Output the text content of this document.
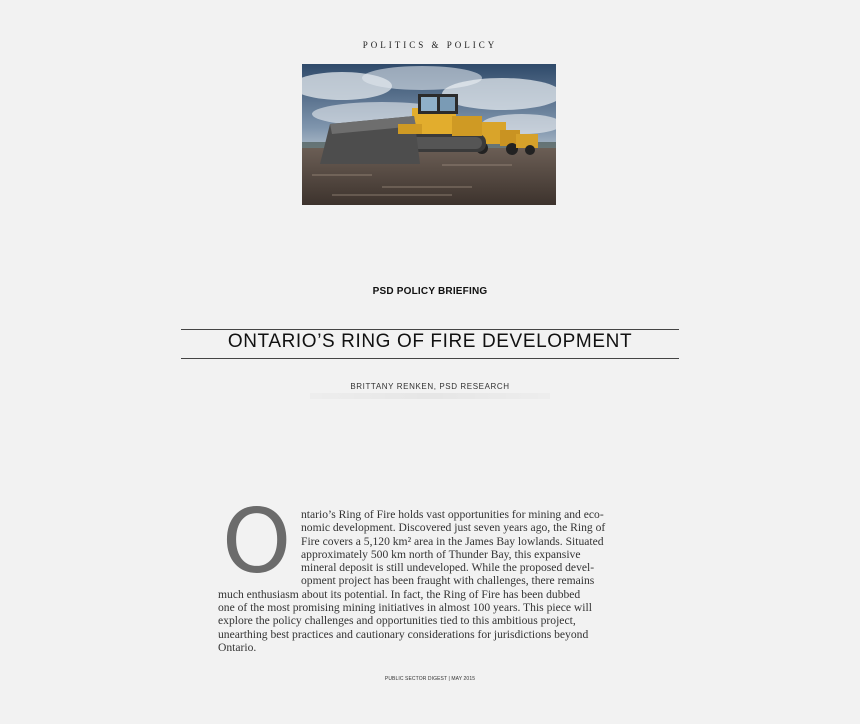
POLITICS & POLICY
PSD POLICY BRIEFING
ONTARIO’S RING OF FIRE DEVELOPMENT
BRITTANY RENKEN, PSD RESEARCH
O ntario’s Ring of Fire holds vast opportunities for mining and eco-
nomic development. Discovered just seven years ago, the Ring of
Fire covers a 5,120 km² area in the James Bay lowlands. Situated
approximately 500 km north of Thunder Bay, this expansive
mineral deposit is still undeveloped. While the proposed devel-
opment project has been fraught with challenges, there remains
much enthusiasm about its potential. In fact, the Ring of Fire has been dubbed
one of the most promising mining initiatives in almost 100 years. This piece will
explore the policy challenges and opportunities tied to this ambitious project,
unearthing best practices and cautionary considerations for jurisdictions beyond
Ontario.
PUBLIC SECTOR DIGEST | MAY 2015
